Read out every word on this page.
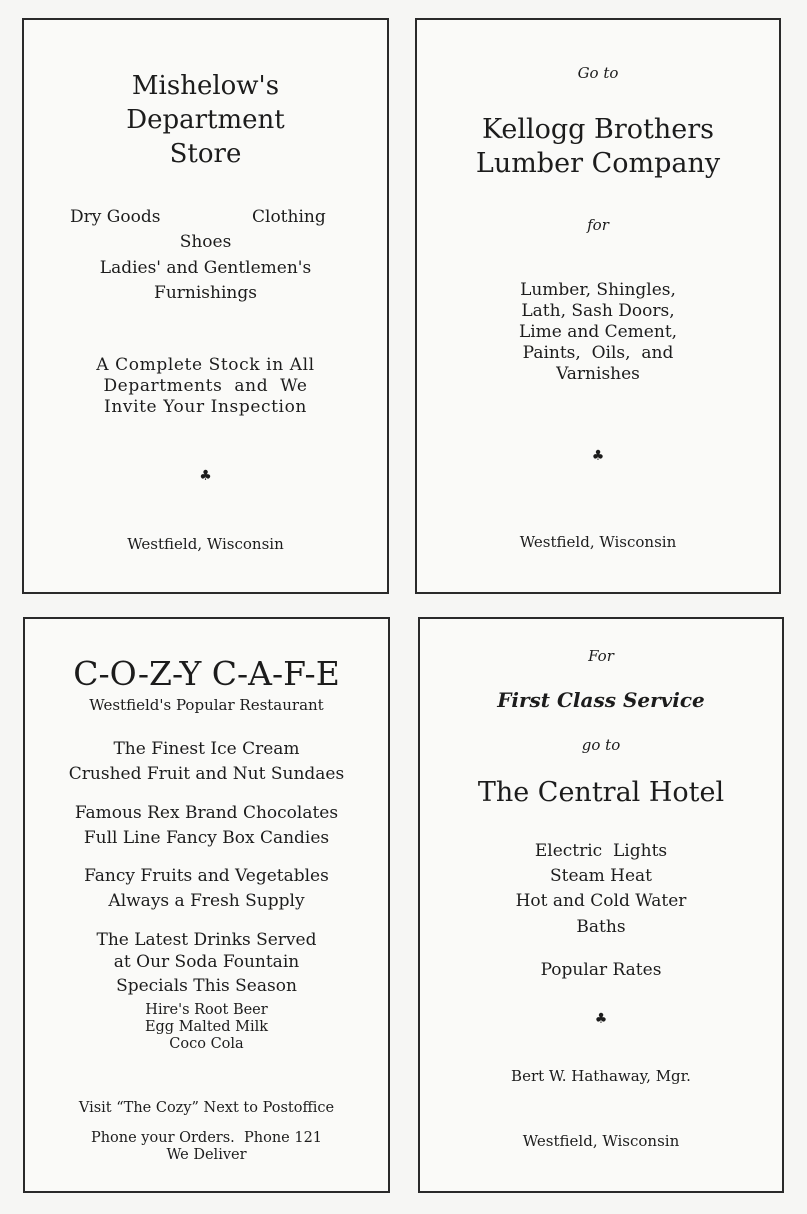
Mishelow's
Department
Store
Dry Goods	Clothing
Shoes
Ladies' and Gentlemen's
Furnishings
A Complete Stock in All
Departments  and  We
Invite Your Inspection
♣
Westfield, Wisconsin
Go to
Kellogg Brothers
Lumber Company
for
Lumber, Shingles,
Lath, Sash Doors,
Lime and Cement,
Paints,  Oils,  and
Varnishes
♣
Westfield, Wisconsin
C-O-Z-Y C-A-F-E
Westfield's Popular Restaurant
The Finest Ice Cream
Crushed Fruit and Nut Sundaes
Famous Rex Brand Chocolates
Full Line Fancy Box Candies
Fancy Fruits and Vegetables
Always a Fresh Supply
The Latest Drinks Served
at Our Soda Fountain
Specials This Season
Hire's Root Beer
Egg Malted Milk
Coco Cola
Visit “The Cozy” Next to Postoffice
Phone your Orders.  Phone 121
We Deliver
For
First Class Service
go to
The Central Hotel
Electric  Lights
Steam Heat
Hot and Cold Water
Baths
Popular Rates
♣
Bert W. Hathaway, Mgr.
Westfield, Wisconsin
